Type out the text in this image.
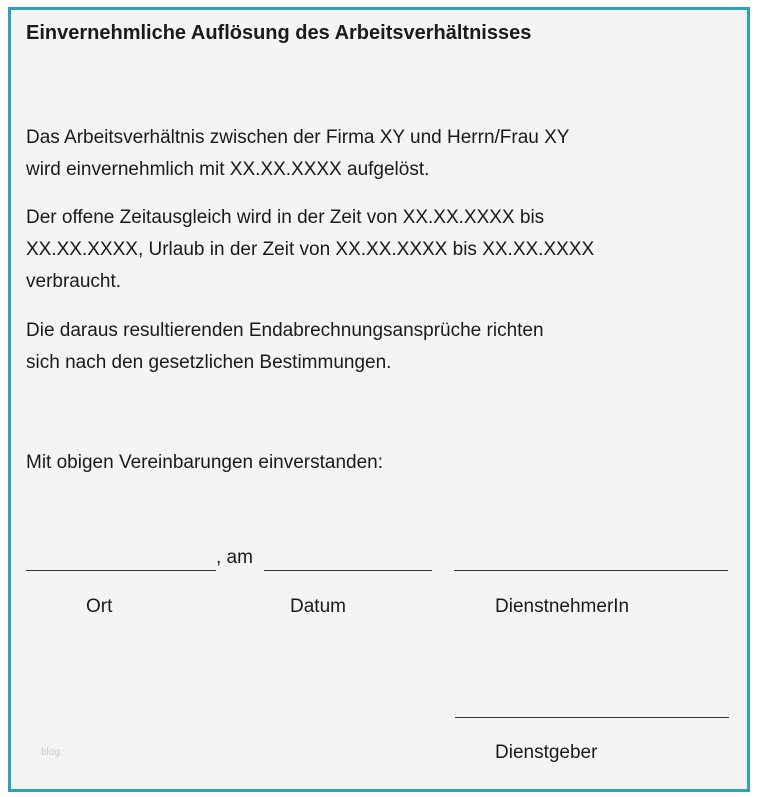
Einvernehmliche Auflösung des Arbeitsverhältnisses
Das Arbeitsverhältnis zwischen der Firma XY und Herrn/Frau XY
wird einvernehmlich mit XX.XX.XXXX aufgelöst.
Der offene Zeitausgleich wird in der Zeit von XX.XX.XXXX bis
XX.XX.XXXX, Urlaub in der Zeit von XX.XX.XXXX bis XX.XX.XXXX
verbraucht.
Die daraus resultierenden Endabrechnungsansprüche richten
sich nach den gesetzlichen Bestimmungen.
Mit obigen Vereinbarungen einverstanden:
, am
Ort	Datum	DienstnehmerIn
Dienstgeber
blog
